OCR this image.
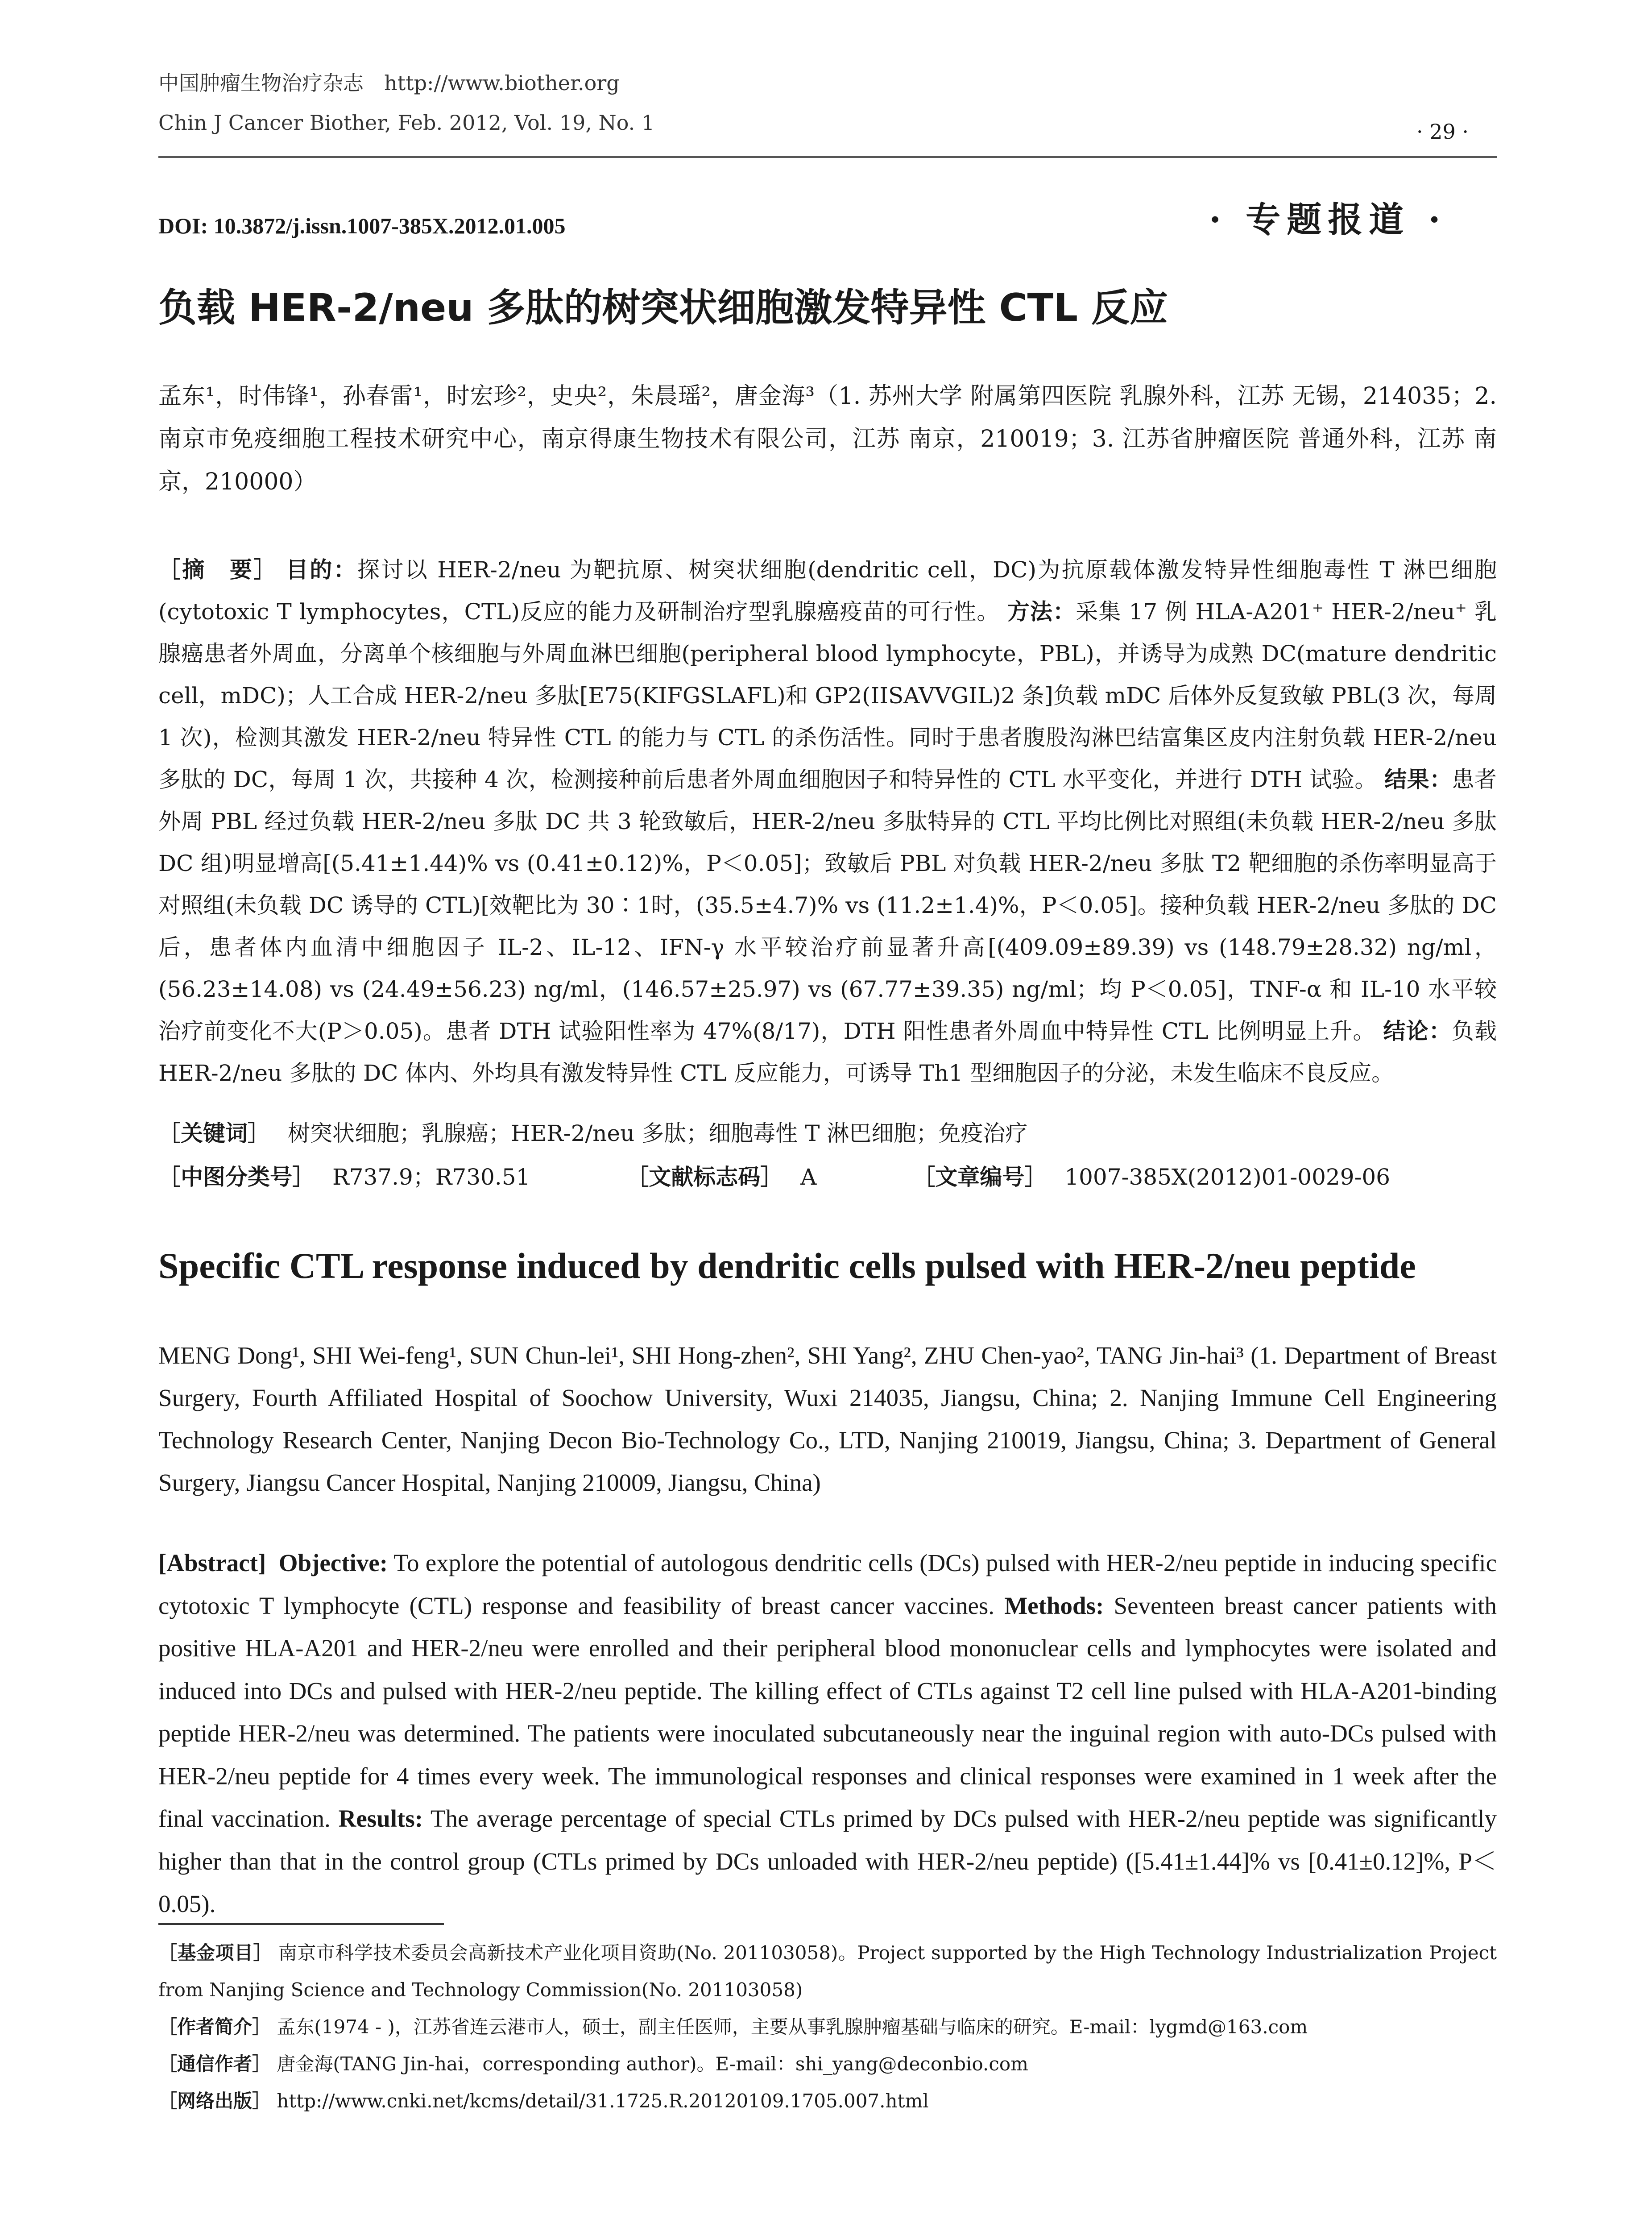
中国肿瘤生物治疗杂志　http://www.biother.org
Chin J Cancer Biother, Feb. 2012, Vol. 19, No. 1	· 29 ·
DOI: 10.3872/j.issn.1007-385X.2012.01.005	· 专题报道 ·
负载 HER-2/neu 多肽的树突状细胞激发特异性 CTL 反应
孟东¹，时伟锋¹，孙春雷¹，时宏珍²，史央²，朱晨瑶²，唐金海³（1. 苏州大学 附属第四医院 乳腺外科，江苏 无锡，214035；2. 南京市免疫细胞工程技术研究中心，南京得康生物技术有限公司，江苏 南京，210019；3. 江苏省肿瘤医院 普通外科，江苏 南京，210000）
［摘　要］ 目的：探讨以 HER-2/neu 为靶抗原、树突状细胞(dendritic cell，DC)为抗原载体激发特异性细胞毒性 T 淋巴细胞(cytotoxic T lymphocytes，CTL)反应的能力及研制治疗型乳腺癌疫苗的可行性。 方法：采集 17 例 HLA-A201⁺ HER-2/neu⁺ 乳腺癌患者外周血，分离单个核细胞与外周血淋巴细胞(peripheral blood lymphocyte，PBL)，并诱导为成熟 DC(mature dendritic cell，mDC)；人工合成 HER-2/neu 多肽[E75(KIFGSLAFL)和 GP2(IISAVVGIL)2 条]负载 mDC 后体外反复致敏 PBL(3 次，每周 1 次)，检测其激发 HER-2/neu 特异性 CTL 的能力与 CTL 的杀伤活性。同时于患者腹股沟淋巴结富集区皮内注射负载 HER-2/neu 多肽的 DC，每周 1 次，共接种 4 次，检测接种前后患者外周血细胞因子和特异性的 CTL 水平变化，并进行 DTH 试验。 结果：患者外周 PBL 经过负载 HER-2/neu 多肽 DC 共 3 轮致敏后，HER-2/neu 多肽特异的 CTL 平均比例比对照组(未负载 HER-2/neu 多肽 DC 组)明显增高[(5.41±1.44)% vs (0.41±0.12)%，P＜0.05]；致敏后 PBL 对负载 HER-2/neu 多肽 T2 靶细胞的杀伤率明显高于对照组(未负载 DC 诱导的 CTL)[效靶比为 30∶1时，(35.5±4.7)% vs (11.2±1.4)%，P＜0.05]。接种负载 HER-2/neu 多肽的 DC 后，患者体内血清中细胞因子 IL-2、IL-12、IFN-γ 水平较治疗前显著升高[(409.09±89.39) vs (148.79±28.32) ng/ml，(56.23±14.08) vs (24.49±56.23) ng/ml，(146.57±25.97) vs (67.77±39.35) ng/ml；均 P＜0.05]，TNF-α 和 IL-10 水平较治疗前变化不大(P＞0.05)。患者 DTH 试验阳性率为 47%(8/17)，DTH 阳性患者外周血中特异性 CTL 比例明显上升。 结论：负载 HER-2/neu 多肽的 DC 体内、外均具有激发特异性 CTL 反应能力，可诱导 Th1 型细胞因子的分泌，未发生临床不良反应。
［关键词］ 树突状细胞；乳腺癌；HER-2/neu 多肽；细胞毒性 T 淋巴细胞；免疫治疗
［中图分类号］ R737.9；R730.51	［文献标志码］ A	［文章编号］ 1007-385X(2012)01-0029-06
Specific CTL response induced by dendritic cells pulsed with HER-2/neu peptide
MENG Dong¹, SHI Wei-feng¹, SUN Chun-lei¹, SHI Hong-zhen², SHI Yang², ZHU Chen-yao², TANG Jin-hai³ (1. Department of Breast Surgery, Fourth Affiliated Hospital of Soochow University, Wuxi 214035, Jiangsu, China; 2. Nanjing Immune Cell Engineering Technology Research Center, Nanjing Decon Bio-Technology Co., LTD, Nanjing 210019, Jiangsu, China; 3. Department of General Surgery, Jiangsu Cancer Hospital, Nanjing 210009, Jiangsu, China)
[Abstract] Objective: To explore the potential of autologous dendritic cells (DCs) pulsed with HER-2/neu peptide in inducing specific cytotoxic T lymphocyte (CTL) response and feasibility of breast cancer vaccines. Methods: Seventeen breast cancer patients with positive HLA-A201 and HER-2/neu were enrolled and their peripheral blood mononuclear cells and lymphocytes were isolated and induced into DCs and pulsed with HER-2/neu peptide. The killing effect of CTLs against T2 cell line pulsed with HLA-A201-binding peptide HER-2/neu was determined. The patients were inoculated subcutaneously near the inguinal region with auto-DCs pulsed with HER-2/neu peptide for 4 times every week. The immunological responses and clinical responses were examined in 1 week after the final vaccination. Results: The average percentage of special CTLs primed by DCs pulsed with HER-2/neu peptide was significantly higher than that in the control group (CTLs primed by DCs unloaded with HER-2/neu peptide) ([5.41±1.44]% vs [0.41±0.12]%, P＜0.05).

［基金项目］ 南京市科学技术委员会高新技术产业化项目资助(No. 201103058)。Project supported by the High Technology Industrialization Project from Nanjing Science and Technology Commission(No. 201103058)

［作者简介］ 孟东(1974 - )，江苏省连云港市人，硕士，副主任医师，主要从事乳腺肿瘤基础与临床的研究。E-mail：lygmd@163.com

［通信作者］ 唐金海(TANG Jin-hai，corresponding author)。E-mail：shi_yang@deconbio.com

［网络出版］ http://www.cnki.net/kcms/detail/31.1725.R.20120109.1705.007.html
